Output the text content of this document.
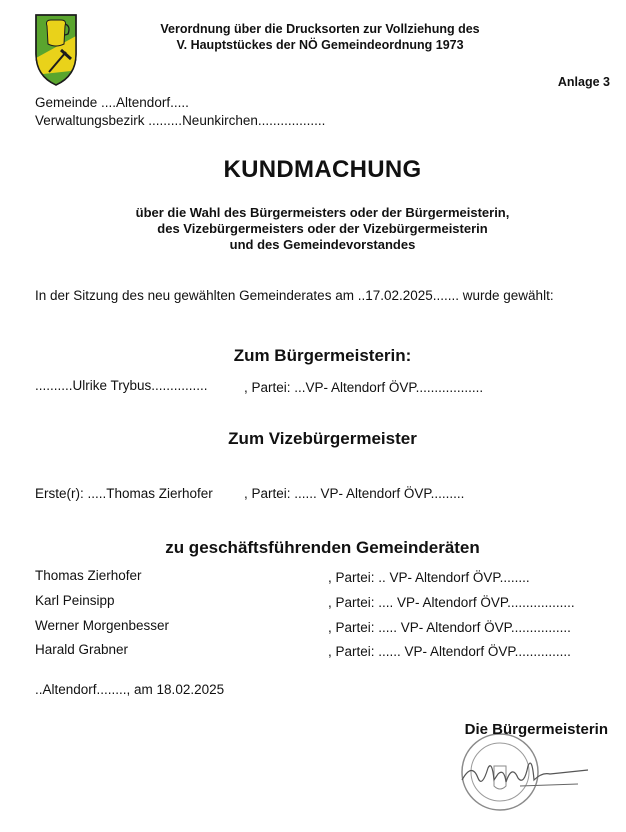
Verordnung über die Drucksorten zur Vollziehung des
V. Hauptstückes der NÖ Gemeindeordnung 1973
Anlage 3
Gemeinde ....Altendorf.....
Verwaltungsbezirk .........Neunkirchen..................
KUNDMACHUNG
über die Wahl des Bürgermeisters oder der Bürgermeisterin,
des Vizebürgermeisters oder der Vizebürgermeisterin
und des Gemeindevorstandes
In der Sitzung des neu gewählten Gemeinderates am ..17.02.2025....... wurde gewählt:
Zum Bürgermeisterin:
..........Ulrike Trybus...............	, Partei: ...VP- Altendorf ÖVP..................
Zum Vizebürgermeister
Erste(r): .....Thomas Zierhofer , Partei: ...... VP- Altendorf ÖVP.........
zu geschäftsführenden Gemeinderäten
Thomas Zierhofer	, Partei: .. VP- Altendorf ÖVP........
Karl Peinsipp	, Partei: .... VP- Altendorf ÖVP..................
Werner Morgenbesser	, Partei: ..... VP- Altendorf ÖVP................
Harald Grabner	, Partei: ...... VP- Altendorf ÖVP...............
..Altendorf........, am 18.02.2025
Die Bürgermeisterin
